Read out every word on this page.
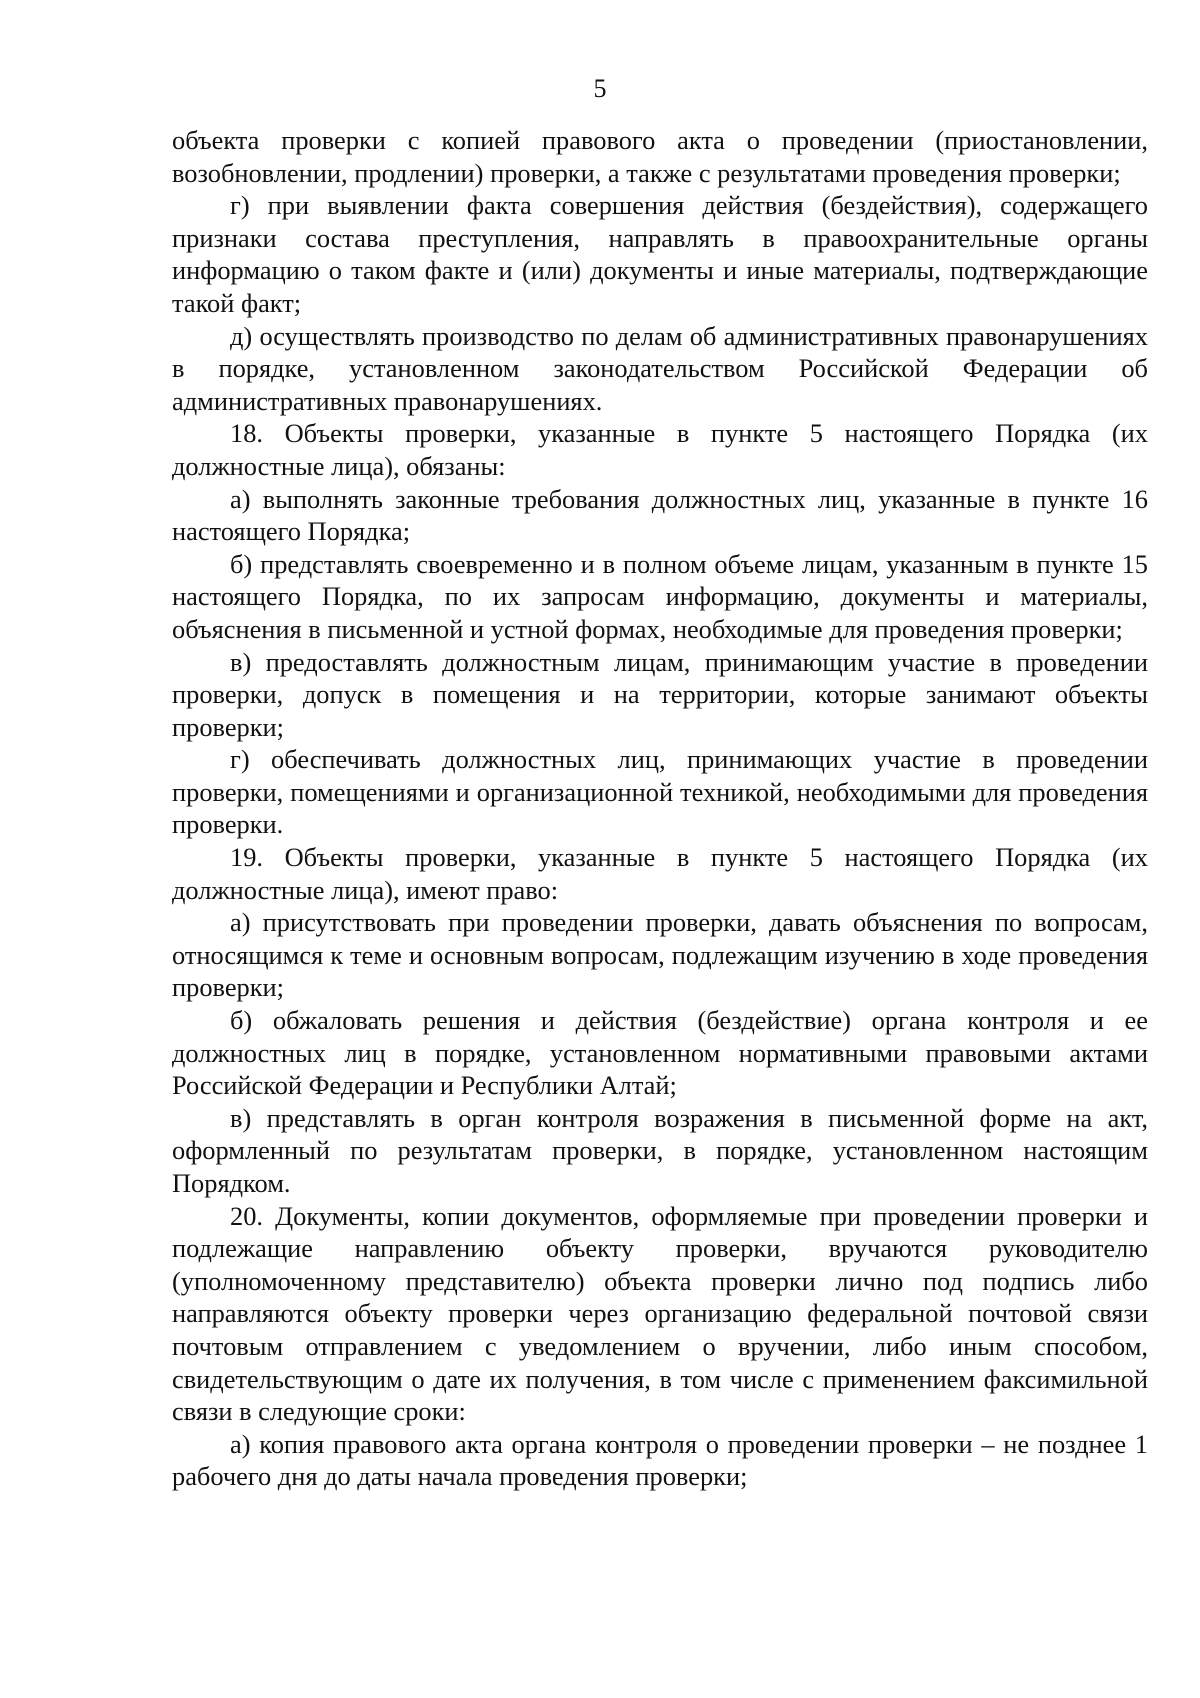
5

объекта проверки с копией правового акта о проведении (приостановлении, возобновлении, продлении) проверки, а также с результатами проведения проверки;

г) при выявлении факта совершения действия (бездействия), содержащего признаки состава преступления, направлять в правоохранительные органы информацию о таком факте и (или) документы и иные материалы, подтверждающие такой факт;

д) осуществлять производство по делам об административных правонарушениях в порядке, установленном законодательством Российской Федерации об административных правонарушениях.

18. Объекты проверки, указанные в пункте 5 настоящего Порядка (их должностные лица), обязаны:

а) выполнять законные требования должностных лиц, указанные в пункте 16 настоящего Порядка;

б) представлять своевременно и в полном объеме лицам, указанным в пункте 15 настоящего Порядка, по их запросам информацию, документы и материалы, объяснения в письменной и устной формах, необходимые для проведения проверки;

в) предоставлять должностным лицам, принимающим участие в проведении проверки, допуск в помещения и на территории, которые занимают объекты проверки;

г) обеспечивать должностных лиц, принимающих участие в проведении проверки, помещениями и организационной техникой, необходимыми для проведения проверки.

19. Объекты проверки, указанные в пункте 5 настоящего Порядка (их должностные лица), имеют право:

а) присутствовать при проведении проверки, давать объяснения по вопросам, относящимся к теме и основным вопросам, подлежащим изучению в ходе проведения проверки;

б) обжаловать решения и действия (бездействие) органа контроля и ее должностных лиц в порядке, установленном нормативными правовыми актами Российской Федерации и Республики Алтай;

в) представлять в орган контроля возражения в письменной форме на акт, оформленный по результатам проверки, в порядке, установленном настоящим Порядком.

20. Документы, копии документов, оформляемые при проведении проверки и подлежащие направлению объекту проверки, вручаются руководителю (уполномоченному представителю) объекта проверки лично под подпись либо направляются объекту проверки через организацию федеральной почтовой связи почтовым отправлением с уведомлением о вручении, либо иным способом, свидетельствующим о дате их получения, в том числе с применением факсимильной связи в следующие сроки:

а) копия правового акта органа контроля о проведении проверки – не позднее 1 рабочего дня до даты начала проведения проверки;
